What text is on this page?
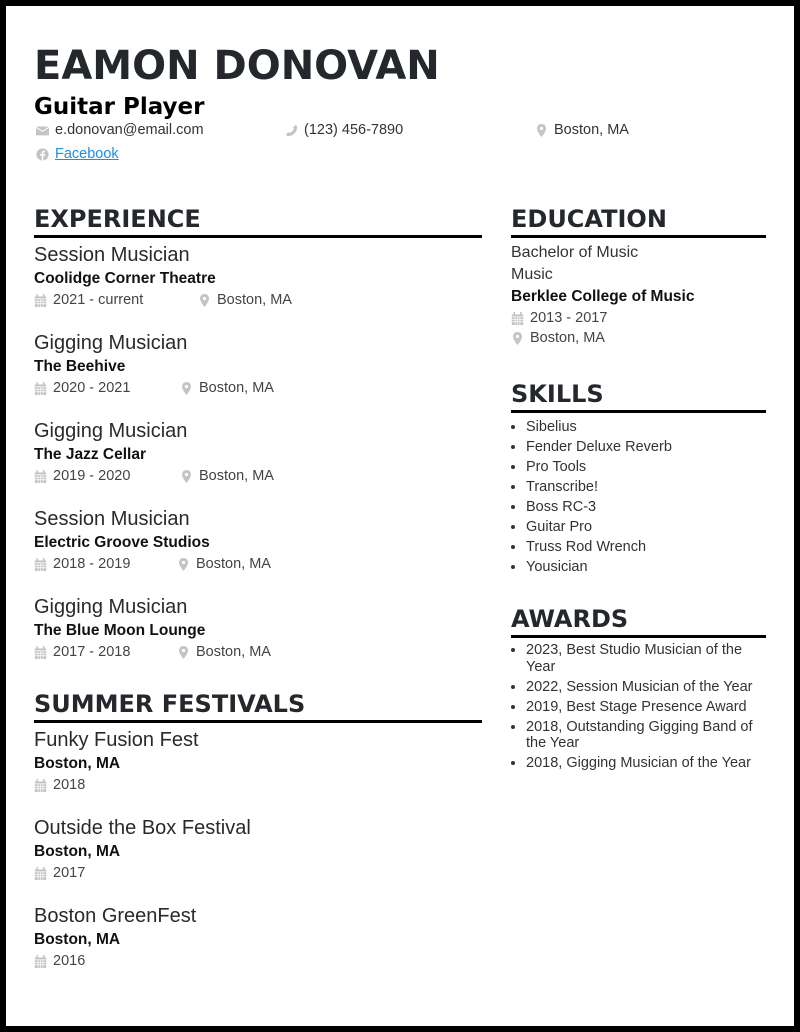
EAMON DONOVAN
Guitar Player
e.donovan@email.com	(123) 456-7890	Boston, MA
Facebook
EXPERIENCE
Session Musician
Coolidge Corner Theatre
2021 - current	Boston, MA
Gigging Musician
The Beehive
2020 - 2021	Boston, MA
Gigging Musician
The Jazz Cellar
2019 - 2020	Boston, MA
Session Musician
Electric Groove Studios
2018 - 2019	Boston, MA
Gigging Musician
The Blue Moon Lounge
2017 - 2018	Boston, MA
SUMMER FESTIVALS
Funky Fusion Fest
Boston, MA
2018
Outside the Box Festival
Boston, MA
2017
Boston GreenFest
Boston, MA
2016
EDUCATION
Bachelor of Music
Music
Berklee College of Music
2013 - 2017
Boston, MA
SKILLS
• Sibelius
• Fender Deluxe Reverb
• Pro Tools
• Transcribe!
• Boss RC-3
• Guitar Pro
• Truss Rod Wrench
• Yousician
AWARDS
• 2023, Best Studio Musician of the Year
• 2022, Session Musician of the Year
• 2019, Best Stage Presence Award
• 2018, Outstanding Gigging Band of the Year
• 2018, Gigging Musician of the Year
